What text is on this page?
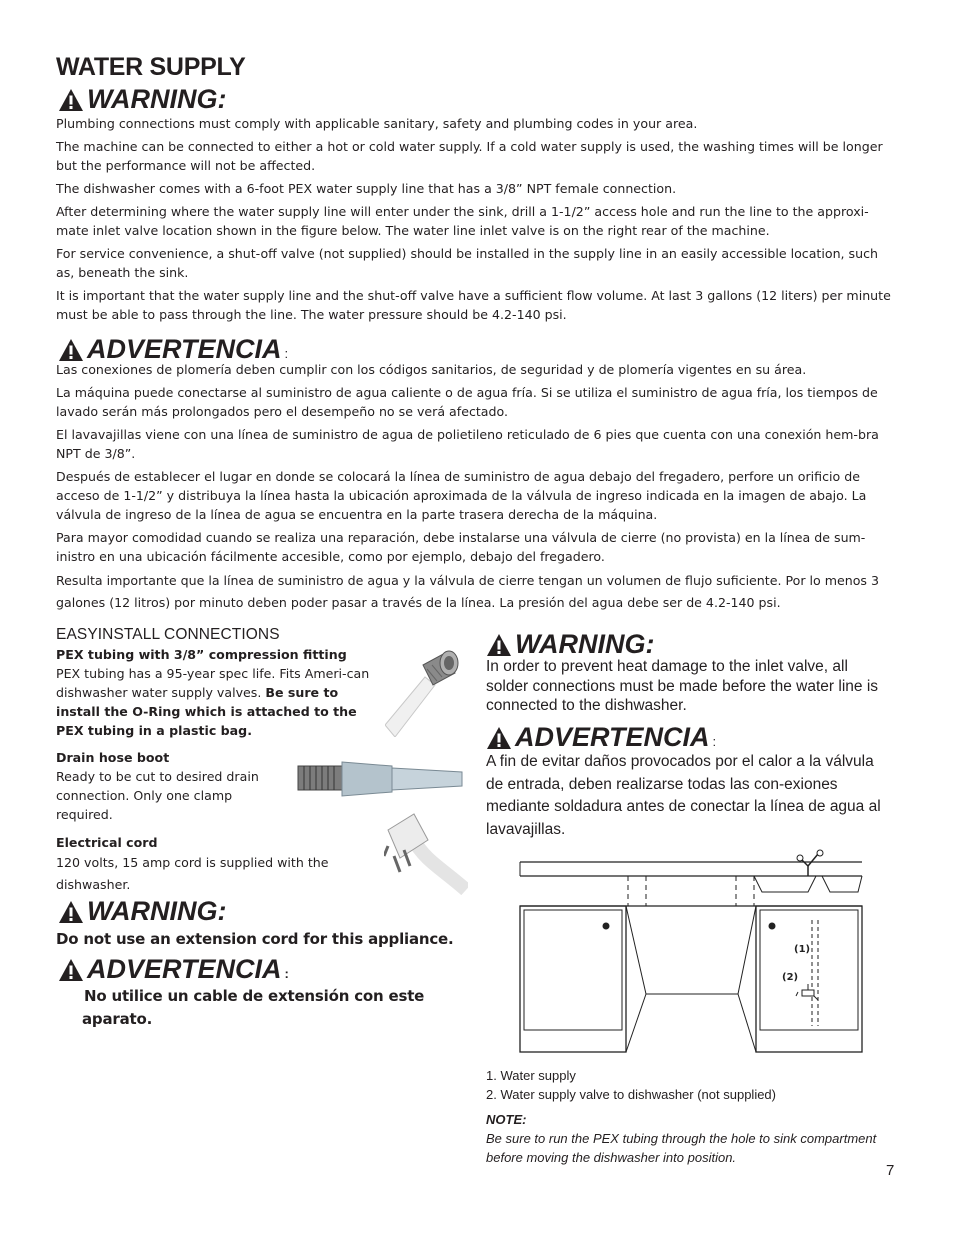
WATER SUPPLY
WARNING:

Plumbing connections must comply with applicable sanitary, safety and plumbing codes in your area.

The machine can be connected to either a hot or cold water supply. If a cold water supply is used, the washing times will be longer but the performance will not be affected.

The dishwasher comes with a 6-foot PEX water supply line that has a 3/8” NPT female connection.

After determining where the water supply line will enter under the sink, drill a 1-1/2” access hole and run the line to the approxi-mate inlet valve location shown in the figure below. The water line inlet valve is on the right rear of the machine.

For service convenience, a shut-off valve (not supplied) should be installed in the supply line in an easily accessible location, such as, beneath the sink.

It is important that the water supply line and the shut-off valve have a sufficient flow volume. At last 3 gallons (12 liters) per minute must be able to pass through the line. The water pressure should be 4.2-140 psi.

ADVERTENCIA :

Las conexiones de plomería deben cumplir con los códigos sanitarios, de seguridad y de plomería vigentes en su área.

La máquina puede conectarse al suministro de agua caliente o de agua fría. Si se utiliza el suministro de agua fría, los tiempos de lavado serán más prolongados pero el desempeño no se verá afectado.

El lavavajillas viene con una línea de suministro de agua de polietileno reticulado de 6 pies que cuenta con una conexión hem-bra NPT de 3/8”.

Después de establecer el lugar en donde se colocará la línea de suministro de agua debajo del fregadero, perfore un orificio de acceso de 1-1/2” y distribuya la línea hasta la ubicación aproximada de la válvula de ingreso indicada en la imagen de abajo. La válvula de ingreso de la línea de agua se encuentra en la parte trasera derecha de la máquina.

Para mayor comodidad cuando se realiza una reparación, debe instalarse una válvula de cierre (no provista) en la línea de sum-inistro en una ubicación fácilmente accesible, como por ejemplo, debajo del fregadero.

Resulta importante que la línea de suministro de agua y la válvula de cierre tengan un volumen de flujo suficiente. Por lo menos 3 galones (12 litros) por minuto deben poder pasar a través de la línea. La presión del agua debe ser de 4.2-140 psi.

EASYINSTALL CONNECTIONS
PEX tubing with 3/8” compression fitting
PEX tubing has a 95-year spec life. Fits Ameri-can dishwasher water supply valves. Be sure to install the O-Ring which is attached to the PEX tubing in a plastic bag.
Drain hose boot
Ready to be cut to desired drain connection. Only one clamp required.
Electrical cord
120 volts, 15 amp cord is supplied with the dishwasher.
WARNING:
Do not use an extension cord for this appliance.
ADVERTENCIA :
No utilice un cable de extensión con este aparato.
WARNING:
In order to prevent heat damage to the inlet valve, all solder connections must be made before the water line is connected to the dishwasher.
ADVERTENCIA :
A fin de evitar daños provocados por el calor a la válvula de entrada, deben realizarse todas las con-exiones mediante soldadura antes de conectar la línea de agua al lavavajillas.
(1)
(2)
1. Water supply
2. Water supply valve to dishwasher (not supplied)
NOTE:
Be sure to run the PEX tubing through the hole to sink compartment before moving the dishwasher into position.
7
